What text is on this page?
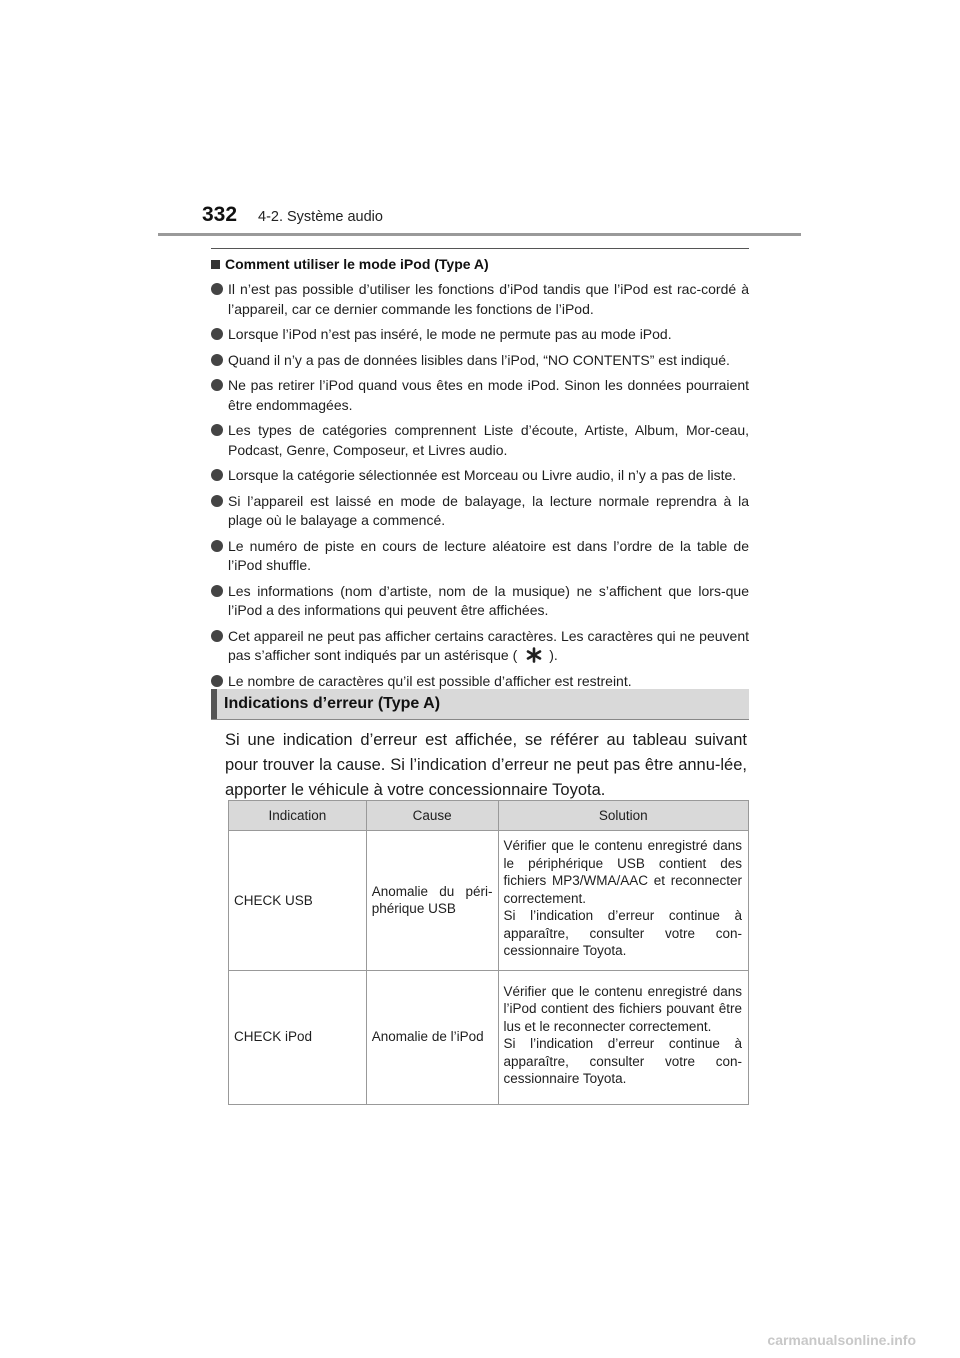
332 4-2. Système audio
Comment utiliser le mode iPod (Type A)
Il n’est pas possible d’utiliser les fonctions d’iPod tandis que l’iPod est rac-cordé à l’appareil, car ce dernier commande les fonctions de l’iPod.
Lorsque l’iPod n’est pas inséré, le mode ne permute pas au mode iPod.
Quand il n’y a pas de données lisibles dans l’iPod, “NO CONTENTS” est indiqué.
Ne pas retirer l’iPod quand vous êtes en mode iPod. Sinon les données pourraient être endommagées.
Les types de catégories comprennent Liste d’écoute, Artiste, Album, Mor-ceau, Podcast, Genre, Composeur, et Livres audio.
Lorsque la catégorie sélectionnée est Morceau ou Livre audio, il n’y a pas de liste.
Si l’appareil est laissé en mode de balayage, la lecture normale reprendra à la plage où le balayage a commencé.
Le numéro de piste en cours de lecture aléatoire est dans l’ordre de la table de l’iPod shuffle.
Les informations (nom d’artiste, nom de la musique) ne s’affichent que lors-que l’iPod a des informations qui peuvent être affichées.
Cet appareil ne peut pas afficher certains caractères. Les caractères qui ne peuvent pas s’afficher sont indiqués par un astérisque ( ).
Le nombre de caractères qu’il est possible d’afficher est restreint.
Indications d’erreur (Type A)
Si une indication d’erreur est affichée, se référer au tableau suivant pour trouver la cause. Si l’indication d’erreur ne peut pas être annu-lée, apporter le véhicule à votre concessionnaire Toyota.
Indication	Cause	Solution
CHECK USB	Anomalie du péri-phérique USB	Vérifier que le contenu enregistré dans le périphérique USB contient des fichiers MP3/WMA/AAC et reconnecter correctement.
Si l’indication d’erreur continue à apparaître, consulter votre con-cessionnaire Toyota.

CHECK iPod	Anomalie de l’iPod	Vérifier que le contenu enregistré dans l’iPod contient des fichiers pouvant être lus et le reconnecter correctement.
Si l’indication d’erreur continue à apparaître, consulter votre con-cessionnaire Toyota.
carmanualsonline.info
